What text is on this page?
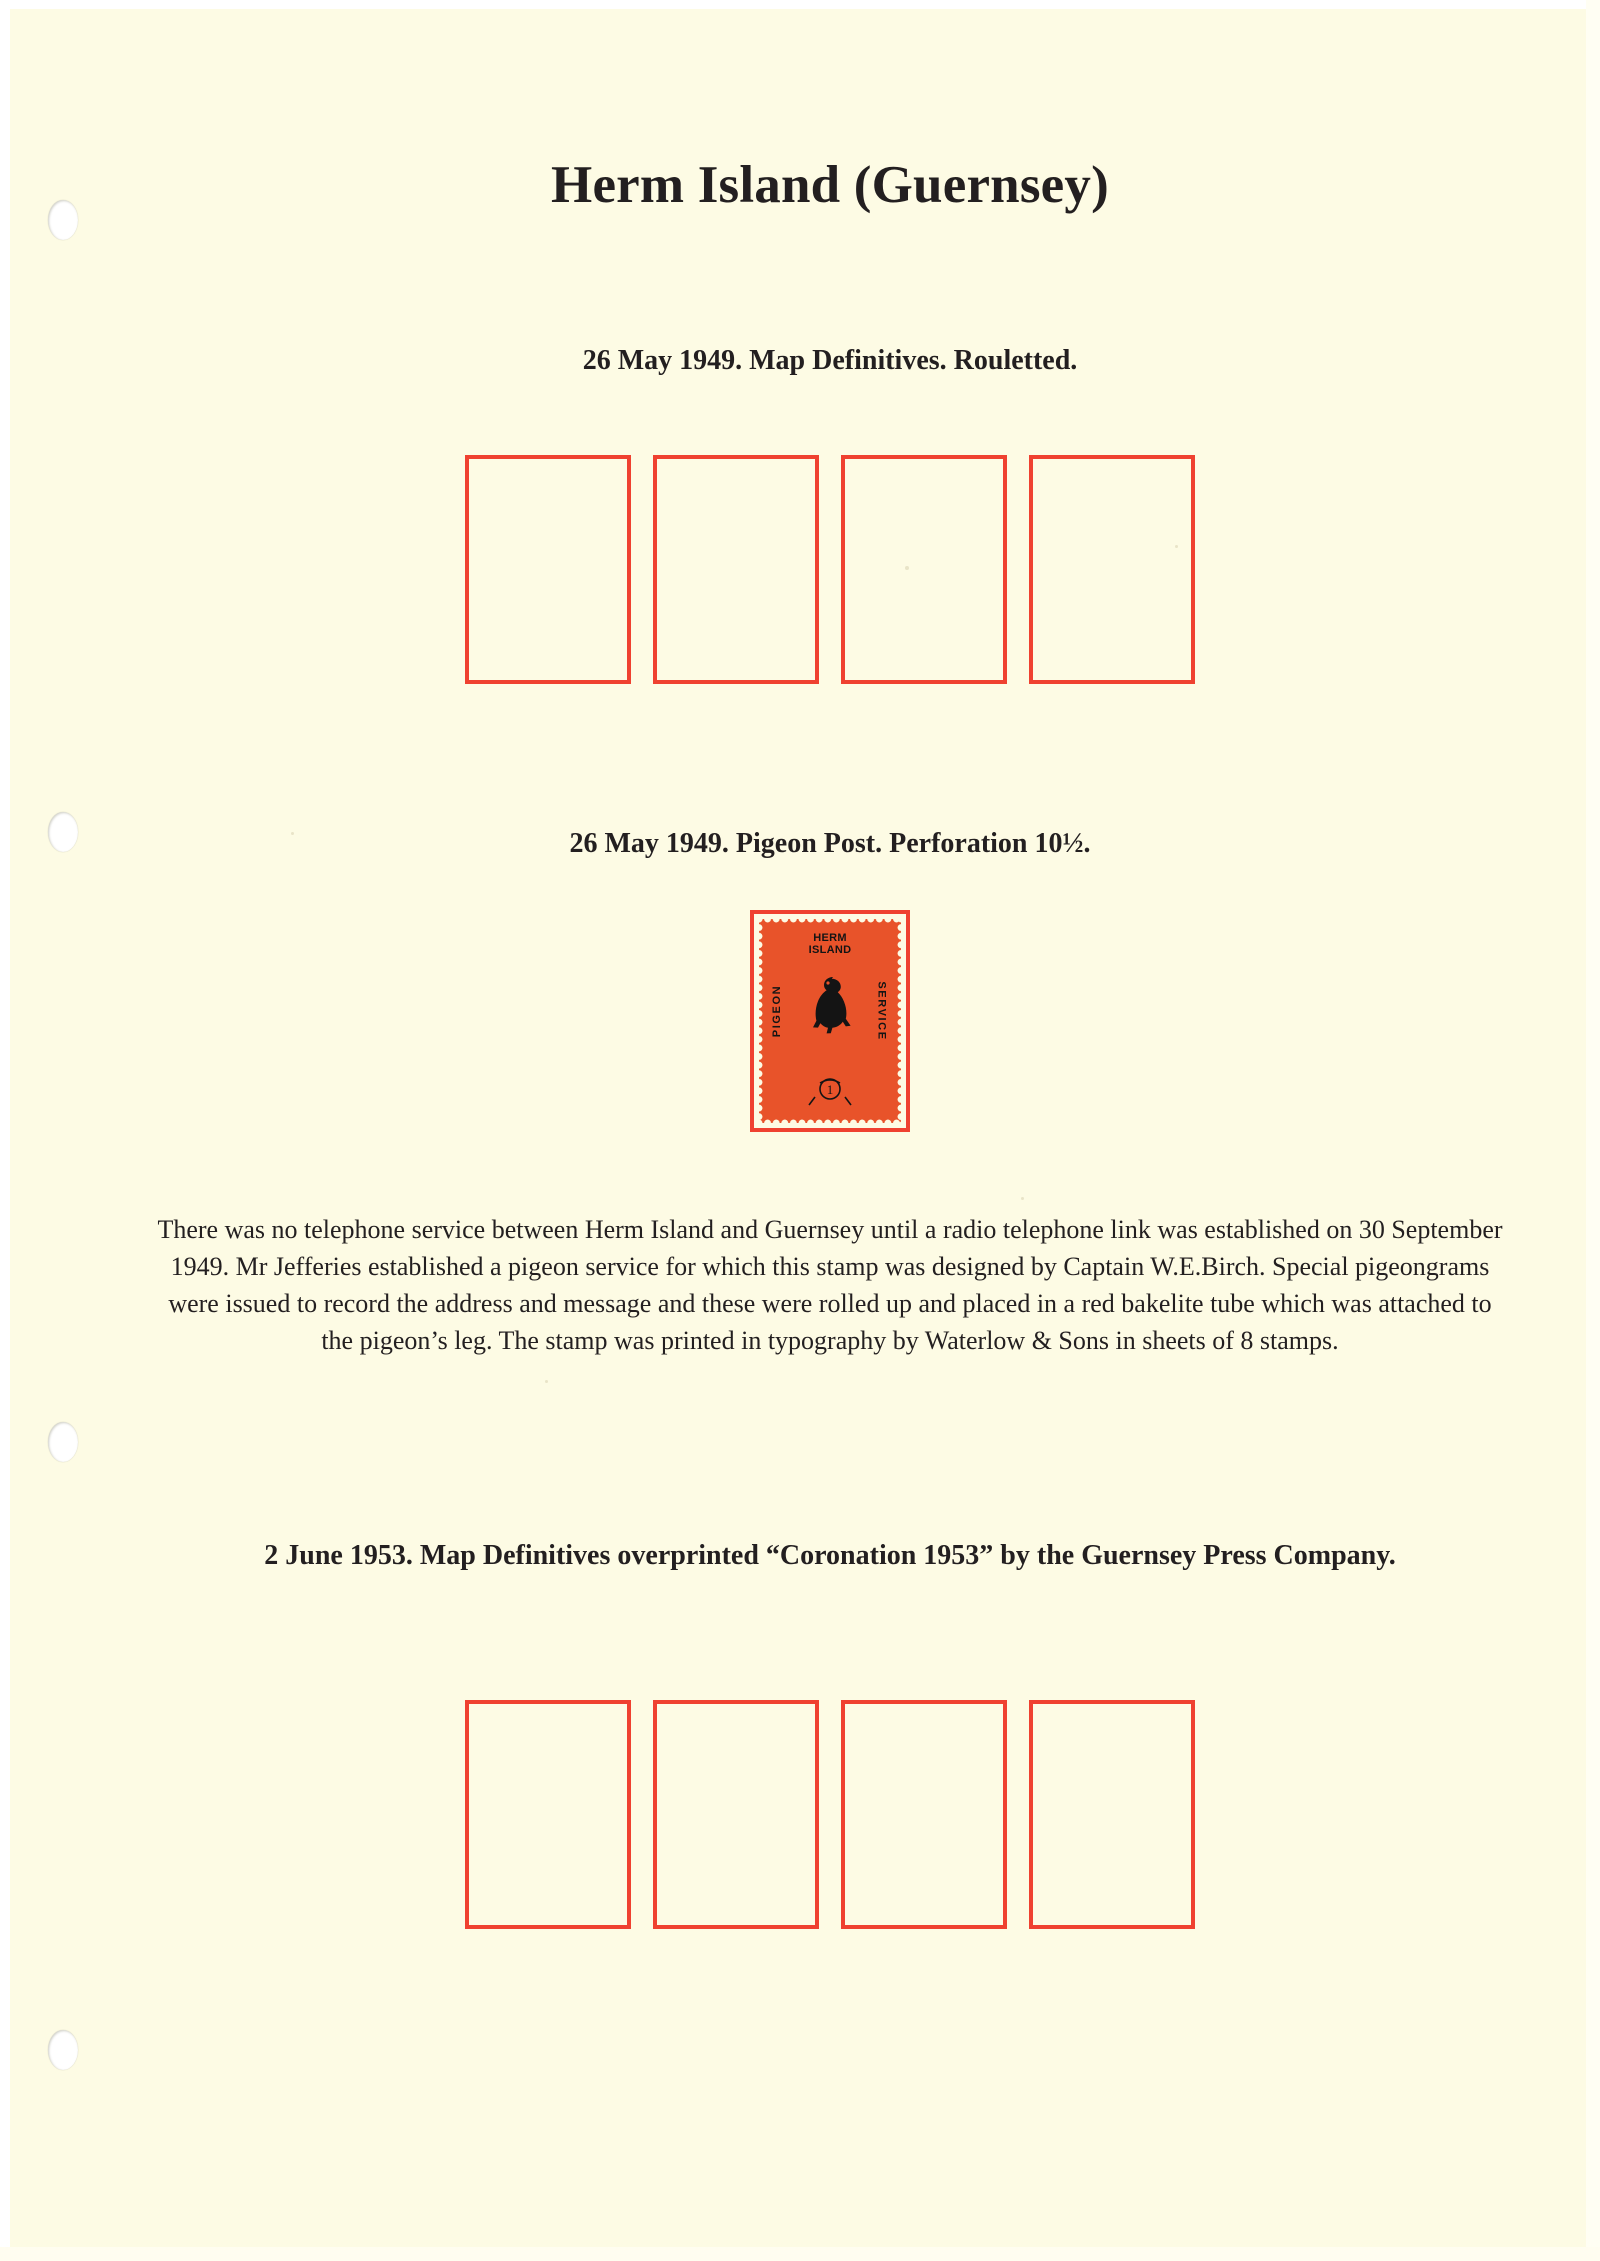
Herm Island (Guernsey)
26 May 1949. Map Definitives. Rouletted.
26 May 1949. Pigeon Post. Perforation 10½.
HERM
ISLAND
PIGEON	SERVICE
1
There was no telephone service between Herm Island and Guernsey until a radio telephone link was established on 30 September 1949. Mr Jefferies established a pigeon service for which this stamp was designed by Captain W.E.Birch. Special pigeongrams were issued to record the address and message and these were rolled up and placed in a red bakelite tube which was attached to the pigeon’s leg. The stamp was printed in typography by Waterlow & Sons in sheets of 8 stamps.
2 June 1953. Map Definitives overprinted “Coronation 1953” by the Guernsey Press Company.
